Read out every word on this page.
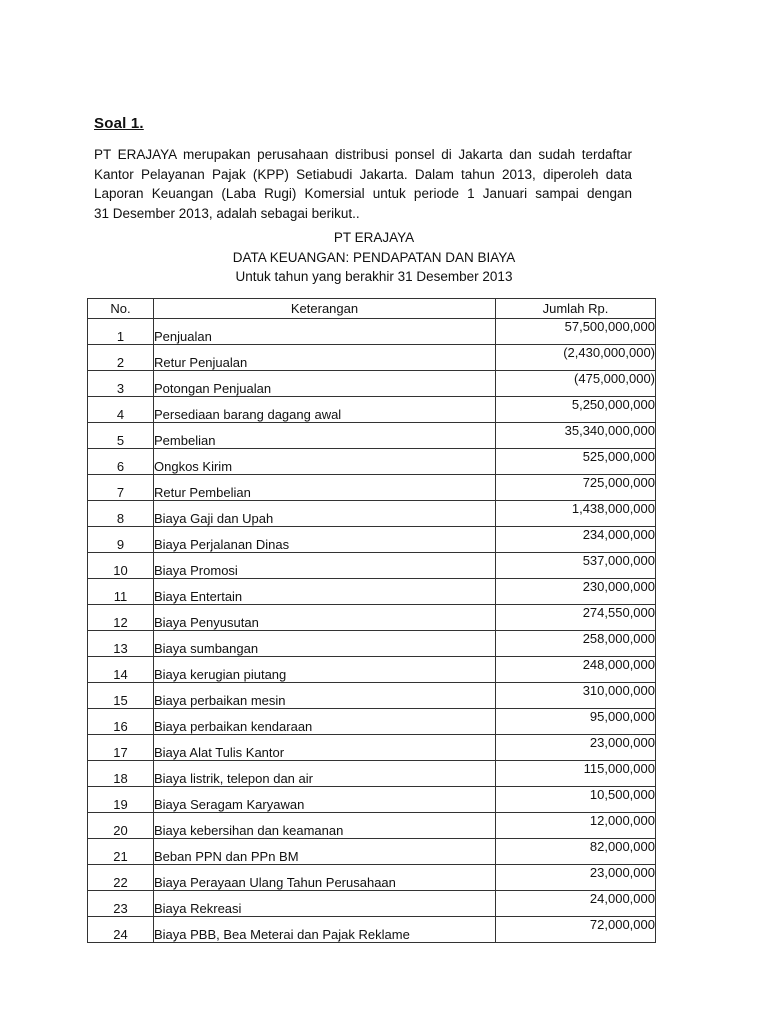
Soal 1.
PT ERAJAYA merupakan perusahaan distribusi ponsel di Jakarta dan sudah terdaftar
Kantor Pelayanan Pajak (KPP) Setiabudi Jakarta. Dalam tahun 2013, diperoleh data
Laporan Keuangan (Laba Rugi) Komersial untuk periode 1 Januari sampai dengan
31 Desember 2013, adalah sebagai berikut..
PT ERAJAYA
DATA KEUANGAN: PENDAPATAN DAN BIAYA
Untuk tahun yang berakhir 31 Desember 2013
No.	Keterangan	Jumlah Rp.
1	Penjualan	57,500,000,000
2	Retur Penjualan	(2,430,000,000)
3	Potongan Penjualan	(475,000,000)
4	Persediaan barang dagang awal	5,250,000,000
5	Pembelian	35,340,000,000
6	Ongkos Kirim	525,000,000
7	Retur Pembelian	725,000,000
8	Biaya Gaji dan Upah	1,438,000,000
9	Biaya Perjalanan Dinas	234,000,000
10	Biaya Promosi	537,000,000
11	Biaya Entertain	230,000,000
12	Biaya Penyusutan	274,550,000
13	Biaya sumbangan	258,000,000
14	Biaya kerugian piutang	248,000,000
15	Biaya perbaikan mesin	310,000,000
16	Biaya perbaikan kendaraan	95,000,000
17	Biaya Alat Tulis Kantor	23,000,000
18	Biaya listrik, telepon dan air	115,000,000
19	Biaya Seragam Karyawan	10,500,000
20	Biaya kebersihan dan keamanan	12,000,000
21	Beban PPN dan PPn BM	82,000,000
22	Biaya Perayaan Ulang Tahun Perusahaan	23,000,000
23	Biaya Rekreasi	24,000,000
24	Biaya PBB, Bea Meterai dan Pajak Reklame	72,000,000
